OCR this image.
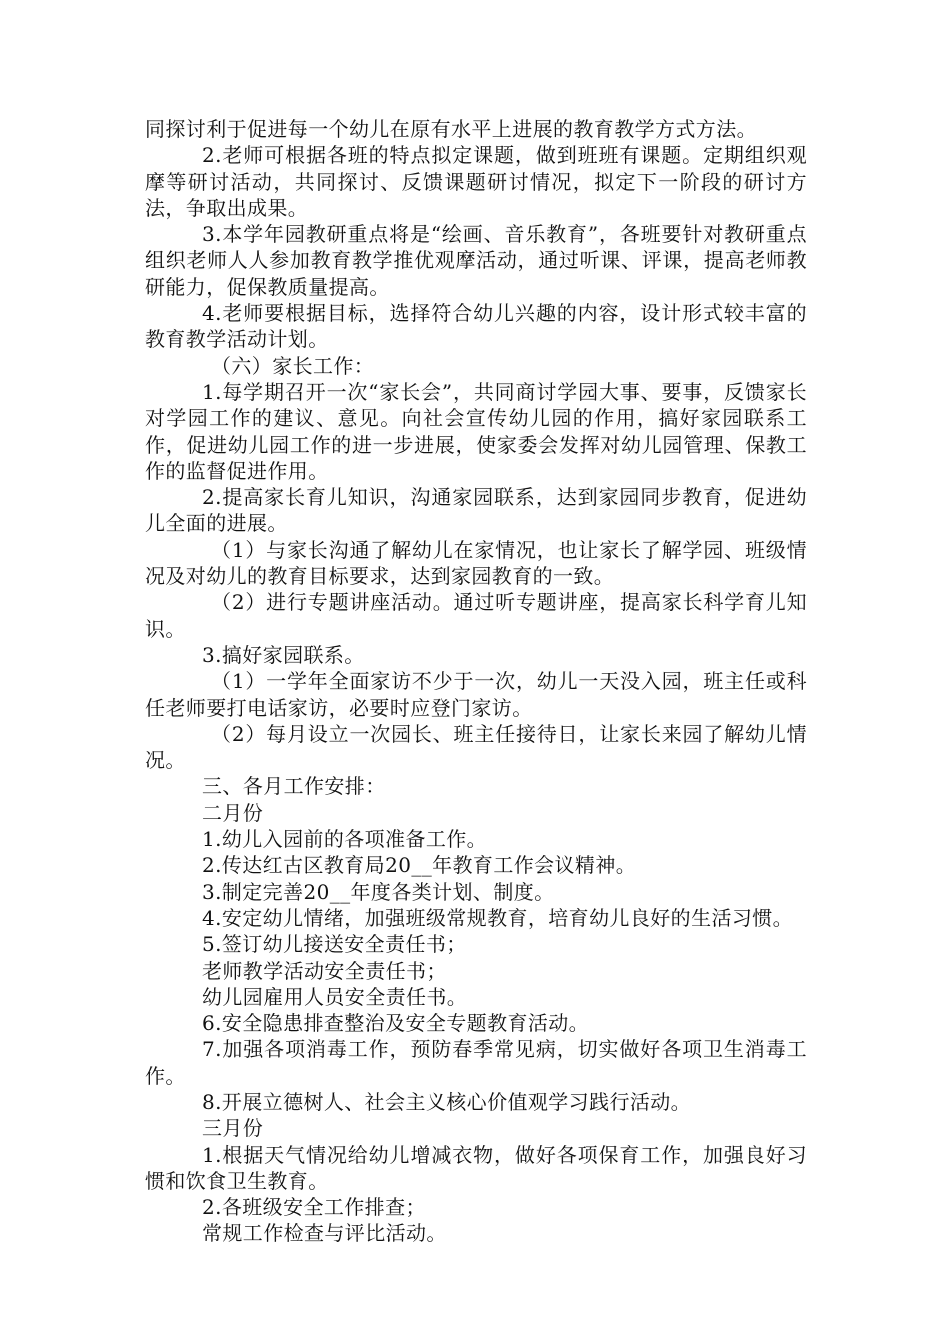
同探讨利于促进每一个幼儿在原有水平上进展的教育教学方式方法。

2.老师可根据各班的特点拟定课题，做到班班有课题。定期组织观摩等研讨活动，共同探讨、反馈课题研讨情况，拟定下一阶段的研讨方法，争取出成果。

3.本学年园教研重点将是“绘画、音乐教育”，各班要针对教研重点组织老师人人参加教育教学推优观摩活动，通过听课、评课，提高老师教研能力，促保教质量提高。

4.老师要根据目标，选择符合幼儿兴趣的内容，设计形式较丰富的教育教学活动计划。

（六）家长工作：

1.每学期召开一次“家长会”，共同商讨学园大事、要事，反馈家长对学园工作的建议、意见。向社会宣传幼儿园的作用，搞好家园联系工作，促进幼儿园工作的进一步进展，使家委会发挥对幼儿园管理、保教工作的监督促进作用。

2.提高家长育儿知识，沟通家园联系，达到家园同步教育，促进幼儿全面的进展。

（1）与家长沟通了解幼儿在家情况，也让家长了解学园、班级情况及对幼儿的教育目标要求，达到家园教育的一致。

（2）进行专题讲座活动。通过听专题讲座，提高家长科学育儿知识。

3.搞好家园联系。

（1）一学年全面家访不少于一次，幼儿一天没入园，班主任或科任老师要打电话家访，必要时应登门家访。

（2）每月设立一次园长、班主任接待日，让家长来园了解幼儿情况。

三、各月工作安排：

二月份

1.幼儿入园前的各项准备工作。

2.传达红古区教育局20__年教育工作会议精神。

3.制定完善20__年度各类计划、制度。

4.安定幼儿情绪，加强班级常规教育，培育幼儿良好的生活习惯。

5.签订幼儿接送安全责任书；

老师教学活动安全责任书；

幼儿园雇用人员安全责任书。

6.安全隐患排查整治及安全专题教育活动。

7.加强各项消毒工作，预防春季常见病，切实做好各项卫生消毒工作。

8.开展立德树人、社会主义核心价值观学习践行活动。

三月份

1.根据天气情况给幼儿增减衣物，做好各项保育工作，加强良好习惯和饮食卫生教育。

2.各班级安全工作排查；

常规工作检查与评比活动。
